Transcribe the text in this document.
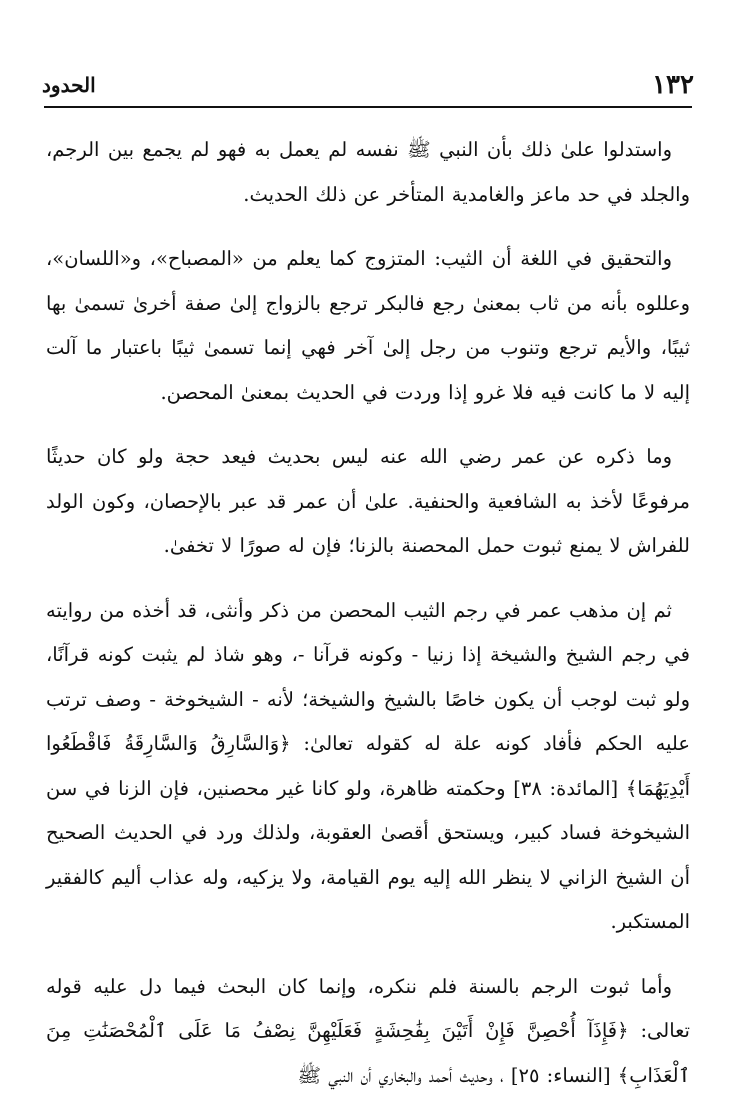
١٣٢
الحدود

واستدلوا علىٰ ذلك بأن النبي ﷺ نفسه لم يعمل به فهو لم يجمع بين الرجم، والجلد في حد ماعز والغامدية المتأخر عن ذلك الحديث.

والتحقيق في اللغة أن الثيب: المتزوج كما يعلم من «المصباح»، و«اللسان»، وعللوه بأنه من ثاب بمعنىٰ رجع فالبكر ترجع بالزواج إلىٰ صفة أخرىٰ تسمىٰ بها ثيبًا، والأيم ترجع وتنوب من رجل إلىٰ آخر فهي إنما تسمىٰ ثيبًا باعتبار ما آلت إليه لا ما كانت فيه فلا غرو إذا وردت في الحديث بمعنىٰ المحصن.

وما ذكره عن عمر رضي الله عنه ليس بحديث فيعد حجة ولو كان حديثًا مرفوعًا لأخذ به الشافعية والحنفية. علىٰ أن عمر قد عبر بالإحصان، وكون الولد للفراش لا يمنع ثبوت حمل المحصنة بالزنا؛ فإن له صورًا لا تخفىٰ.

ثم إن مذهب عمر في رجم الثيب المحصن من ذكر وأنثى، قد أخذه من روايته في رجم الشيخ والشيخة إذا زنيا - وكونه قرآنا -، وهو شاذ لم يثبت كونه قرآنًا، ولو ثبت لوجب أن يكون خاصًا بالشيخ والشيخة؛ لأنه - الشيخوخة - وصف ترتب عليه الحكم فأفاد كونه علة له كقوله تعالىٰ: ﴿وَالسَّارِقُ وَالسَّارِقَةُ فَاقْطَعُوا أَيْدِيَهُمَا﴾ [المائدة: ٣٨] وحكمته ظاهرة، ولو كانا غير محصنين، فإن الزنا في سن الشيخوخة فساد كبير، ويستحق أقصىٰ العقوبة، ولذلك ورد في الحديث الصحيح أن الشيخ الزاني لا ينظر الله إليه يوم القيامة، ولا يزكيه، وله عذاب أليم كالفقير المستكبر.

وأما ثبوت الرجم بالسنة فلم ننكره، وإنما كان البحث فيما دل عليه قوله تعالى: ﴿فَإِذَآ أُحْصِنَّ فَإِنْ أَتَيْنَ بِفَٰحِشَةٍ فَعَلَيْهِنَّ نِصْفُ مَا عَلَى ٱلْمُحْصَنَٰتِ مِنَ ٱلْعَذَابِ﴾ [النساء: ٢٥] ، وحديث أحمد والبخاري أن النبي ﷺ
